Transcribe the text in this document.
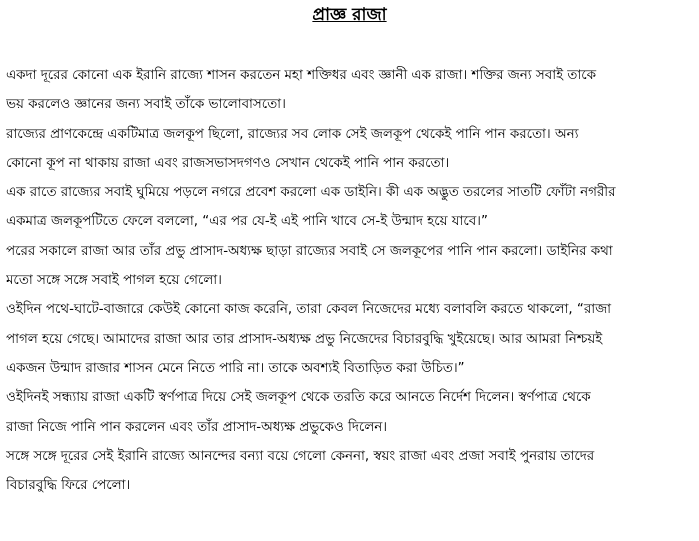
প্রাজ্ঞ রাজা
একদা দূরের কোনো এক ইরানি রাজ্যে শাসন করতেন মহা শক্তিধর এবং জ্ঞানী এক রাজা। শক্তির জন্য সবাই তাকে
ভয় করলেও জ্ঞানের জন্য সবাই তাঁকে ভালোবাসতো।
রাজ্যের প্রাণকেন্দ্রে একটিমাত্র জলকূপ ছিলো, রাজ্যের সব লোক সেই জলকূপ থেকেই পানি পান করতো। অন্য
কোনো কূপ না থাকায় রাজা এবং রাজসভাসদগণও সেখান থেকেই পানি পান করতো।
এক রাতে রাজ্যের সবাই ঘুমিয়ে পড়লে নগরে প্রবেশ করলো এক ডাইনি। কী এক অদ্ভুত তরলের সাতটি ফোঁটা নগরীর
একমাত্র জলকূপটিতে ফেলে বললো, “এর পর যে-ই এই পানি খাবে সে-ই উন্মাদ হয়ে যাবে।”
পরের সকালে রাজা আর তাঁর প্রভু প্রাসাদ-অধ্যক্ষ ছাড়া রাজ্যের সবাই সে জলকূপের পানি পান করলো। ডাইনির কথা
মতো সঙ্গে সঙ্গে সবাই পাগল হয়ে গেলো।
ওইদিন পথে-ঘাটে-বাজারে কেউই কোনো কাজ করেনি, তারা কেবল নিজেদের মধ্যে বলাবলি করতে থাকলো, “রাজা
পাগল হয়ে গেছে। আমাদের রাজা আর তার প্রাসাদ-অধ্যক্ষ প্রভু নিজেদের বিচারবুদ্ধি খুইয়েছে। আর আমরা নিশ্চয়ই
একজন উন্মাদ রাজার শাসন মেনে নিতে পারি না। তাকে অবশ্যই বিতাড়িত করা উচিত।”
ওইদিনই সন্ধ্যায় রাজা একটি স্বর্ণপাত্র দিয়ে সেই জলকূপ থেকে তরতি করে আনতে নির্দেশ দিলেন। স্বর্ণপাত্র থেকে
রাজা নিজে পানি পান করলেন এবং তাঁর প্রাসাদ-অধ্যক্ষ প্রভুকেও দিলেন।
সঙ্গে সঙ্গে দূরের সেই ইরানি রাজ্যে আনন্দের বন্যা বয়ে গেলো কেননা, স্বয়ং রাজা এবং প্রজা সবাই পুনরায় তাদের
বিচারবুদ্ধি ফিরে পেলো।
